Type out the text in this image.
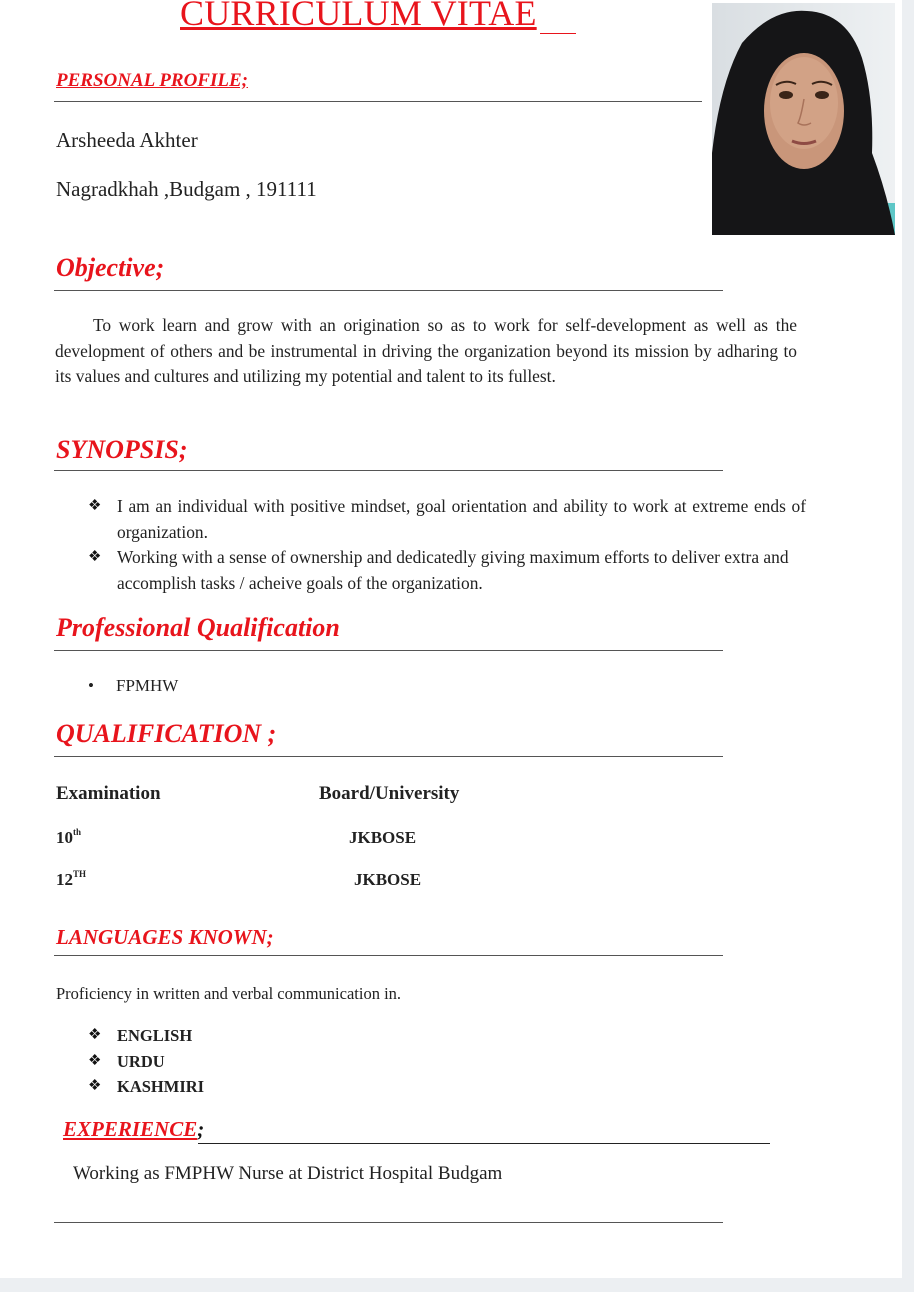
CURRICULUM VITAE
PERSONAL PROFILE;
Arsheeda Akhter
Nagradkhah ,Budgam , 191111
Objective;
To work learn and grow with an origination so as to work for self-development as well as the development of others and be instrumental in driving the organization beyond its mission by adharing to its values and cultures and utilizing my potential and talent to its fullest.
SYNOPSIS;
❖ I am an individual with positive mindset, goal orientation and ability to work at extreme ends of organization.
❖ Working with a sense of ownership and dedicatedly giving maximum efforts to deliver extra and accomplish tasks / acheive goals of the organization.
Professional Qualification
• FPMHW
QUALIFICATION ;
Examination	Board/University
10th	JKBOSE
12TH	JKBOSE
LANGUAGES KNOWN;
Proficiency in written and verbal communication in.
❖ ENGLISH
❖ URDU
❖ KASHMIRI
EXPERIENCE;
Working as FMPHW Nurse at District Hospital Budgam
